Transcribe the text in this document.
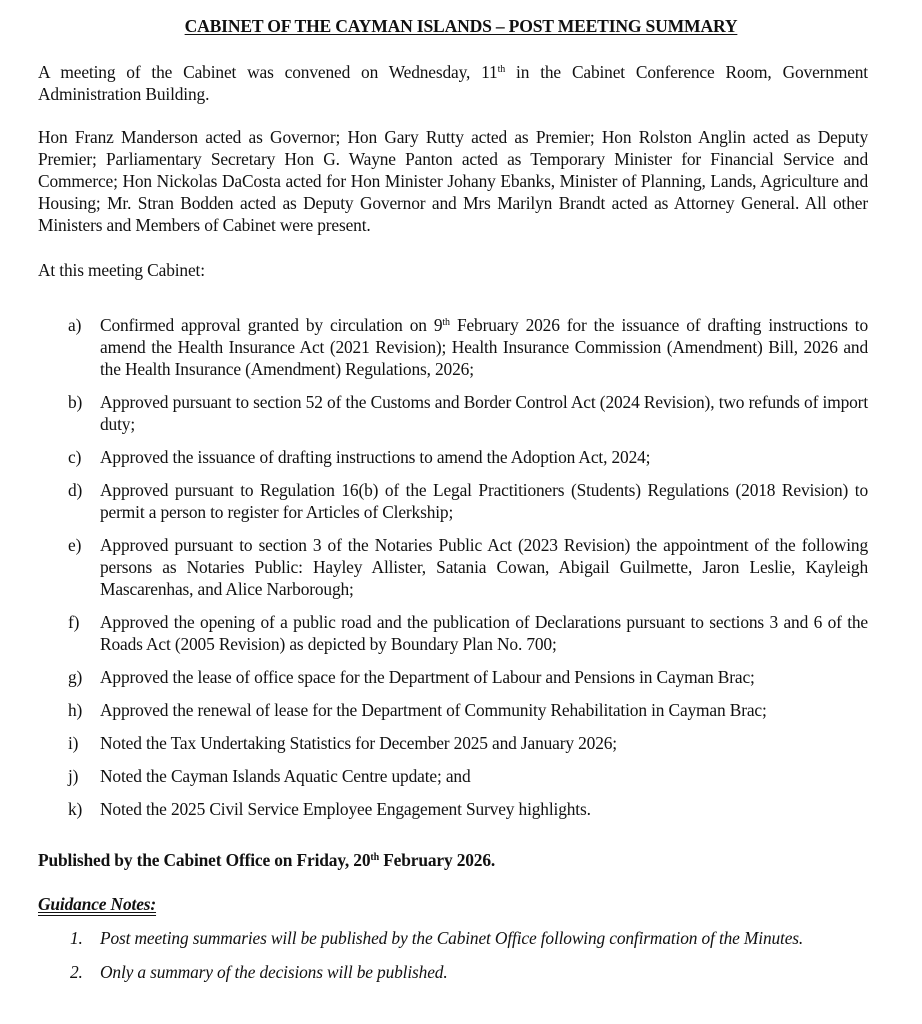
CABINET OF THE CAYMAN ISLANDS – POST MEETING SUMMARY

A meeting of the Cabinet was convened on Wednesday, 11th in the Cabinet Conference Room, Government Administration Building.

Hon Franz Manderson acted as Governor; Hon Gary Rutty acted as Premier; Hon Rolston Anglin acted as Deputy Premier; Parliamentary Secretary Hon G. Wayne Panton acted as Temporary Minister for Financial Service and Commerce; Hon Nickolas DaCosta acted for Hon Minister Johany Ebanks, Minister of Planning, Lands, Agriculture and Housing; Mr. Stran Bodden acted as Deputy Governor and Mrs Marilyn Brandt acted as Attorney General. All other Ministers and Members of Cabinet were present.

At this meeting Cabinet:

a) Confirmed approval granted by circulation on 9th February 2026 for the issuance of drafting instructions to amend the Health Insurance Act (2021 Revision); Health Insurance Commission (Amendment) Bill, 2026 and the Health Insurance (Amendment) Regulations, 2026;
b) Approved pursuant to section 52 of the Customs and Border Control Act (2024 Revision), two refunds of import duty;
c) Approved the issuance of drafting instructions to amend the Adoption Act, 2024;
d) Approved pursuant to Regulation 16(b) of the Legal Practitioners (Students) Regulations (2018 Revision) to permit a person to register for Articles of Clerkship;
e) Approved pursuant to section 3 of the Notaries Public Act (2023 Revision) the appointment of the following persons as Notaries Public: Hayley Allister, Satania Cowan, Abigail Guilmette, Jaron Leslie, Kayleigh Mascarenhas, and Alice Narborough;
f) Approved the opening of a public road and the publication of Declarations pursuant to sections 3 and 6 of the Roads Act (2005 Revision) as depicted by Boundary Plan No. 700;
g) Approved the lease of office space for the Department of Labour and Pensions in Cayman Brac;
h) Approved the renewal of lease for the Department of Community Rehabilitation in Cayman Brac;
i) Noted the Tax Undertaking Statistics for December 2025 and January 2026;
j) Noted the Cayman Islands Aquatic Centre update; and
k) Noted the 2025 Civil Service Employee Engagement Survey highlights.

Published by the Cabinet Office on Friday, 20th February 2026.

Guidance Notes:
1. Post meeting summaries will be published by the Cabinet Office following confirmation of the Minutes.
2. Only a summary of the decisions will be published.
